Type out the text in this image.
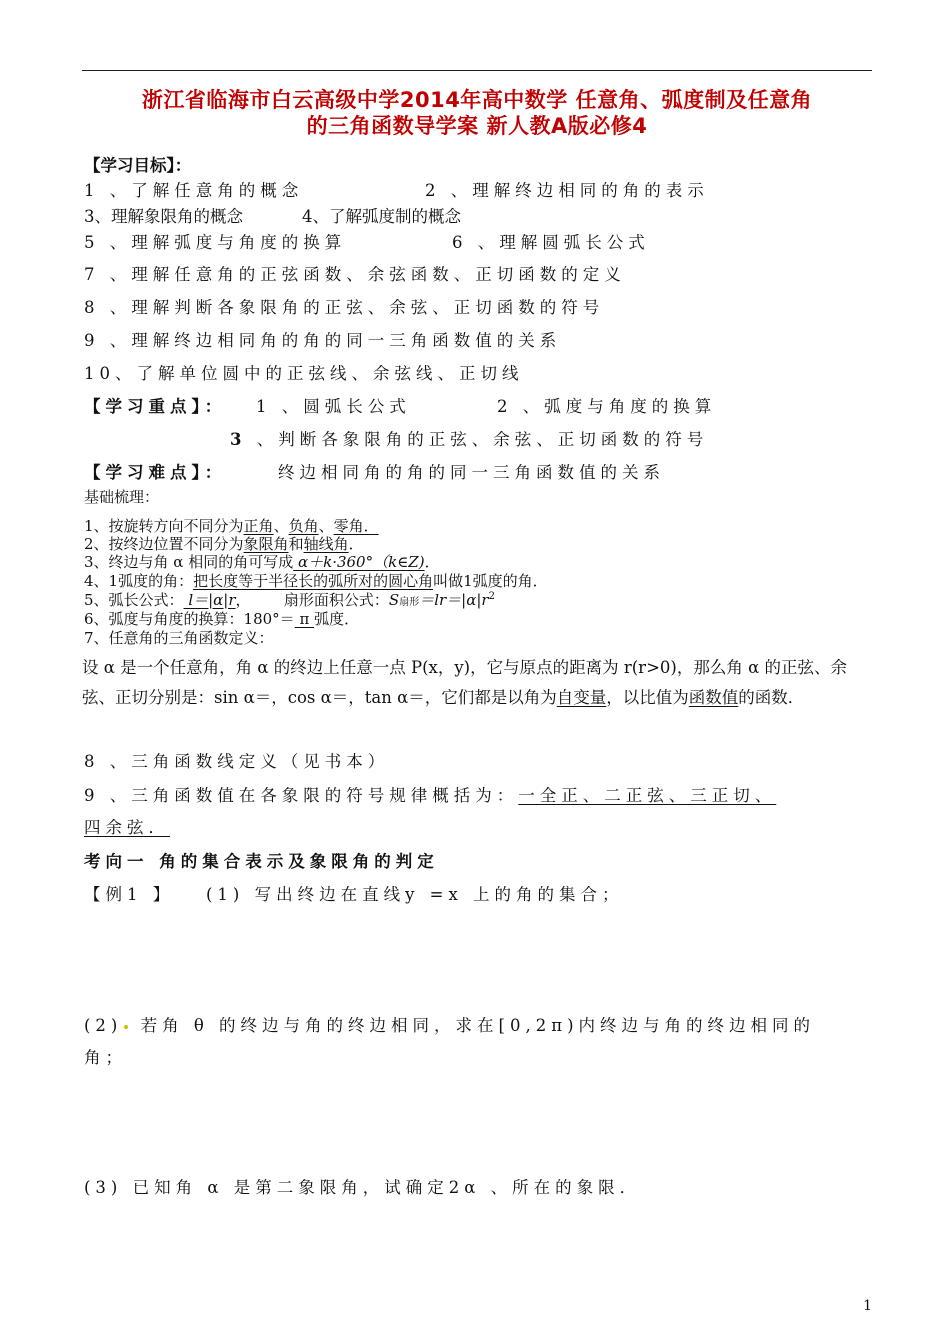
浙江省临海市白云高级中学2014年高中数学 任意角、弧度制及任意角
的三角函数导学案 新人教A版必修4
【学习目标】：
1 、了解任意角的概念	2 、理解终边相同的角的表示
3、理解象限角的概念	4、了解弧度制的概念
5 、理解弧度与角度的换算	6 、理解圆弧长公式
7 、理解任意角的正弦函数、余弦函数、正切函数的定义
8 、理解判断各象限角的正弦、余弦、正切函数的符号
9 、理解终边相同角的角的同一三角函数值的关系
10、了解单位圆中的正弦线、余弦线、正切线
【学习重点】： 1 、圆弧长公式	2 、弧度与角度的换算
3 、判断各象限角的正弦、余弦、正切函数的符号
【学习难点】：	终边相同角的角的同一三角函数值的关系
基础梳理：
1、按旋转方向不同分为正角、负角、零角．
2、按终边位置不同分为象限角和轴线角．
3、终边与角 α 相同的角可写成 α＋k·360°（k∈Z)．
4、1弧度的角：把长度等于半径长的弧所对的圆心角叫做1弧度的角．
5、弧长公式： l＝|α|r，       扇形面积公式：S扇形$=lr=|\alpha|r^2$
6、弧度与角度的换算：180°＝ π 弧度．
7、任意角的三角函数定义：
设 α 是一个任意角，角 α 的终边上任意一点 P(x，y)，它与原点的距离为 r(r>0)，那么角 α 的正弦、余弦、正切分别是：sin α＝，cos α＝，tan α＝，它们都是以角为自变量，以比值为函数值的函数．
8 、三角函数线定义（见书本）
9 、三角函数值在各象限的符号规律概括为：一全正、二正弦、三正切、
四余弦．
考向一 角的集合表示及象限角的判定
【例1 】 (1) 写出终边在直线y =x 上的角的集合；
(2) 若角 θ 的终边与角的终边相同，求在[0,2π)内终边与角的终边相同的
角；
(3) 已知角 α 是第二象限角，试确定2α 、所在的象限．
1
